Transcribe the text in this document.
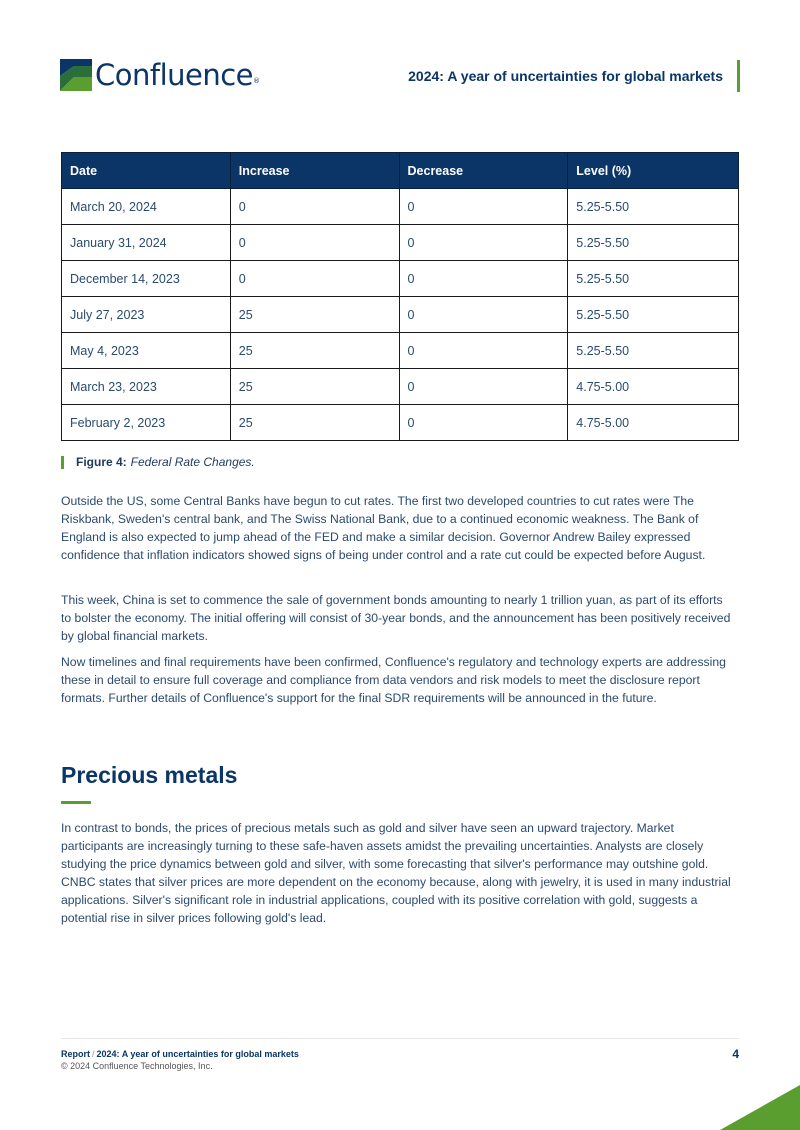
Confluence®	2024: A year of uncertainties for global markets
Date	Increase	Decrease	Level (%)
March 20, 2024	0	0	5.25-5.50
January 31, 2024	0	0	5.25-5.50
December 14, 2023	0	0	5.25-5.50
July 27, 2023	25	0	5.25-5.50
May 4, 2023	25	0	5.25-5.50
March 23, 2023	25	0	4.75-5.00
February 2, 2023	25	0	4.75-5.00
Figure 4: Federal Rate Changes.

Outside the US, some Central Banks have begun to cut rates. The first two developed countries to cut rates were The Riskbank, Sweden's central bank, and The Swiss National Bank, due to a continued economic weakness. The Bank of England is also expected to jump ahead of the FED and make a similar decision. Governor Andrew Bailey expressed confidence that inflation indicators showed signs of being under control and a rate cut could be expected before August.

This week, China is set to commence the sale of government bonds amounting to nearly 1 trillion yuan, as part of its efforts to bolster the economy. The initial offering will consist of 30-year bonds, and the announcement has been positively received by global financial markets.

Now timelines and final requirements have been confirmed, Confluence's regulatory and technology experts are addressing these in detail to ensure full coverage and compliance from data vendors and risk models to meet the disclosure report formats. Further details of Confluence's support for the final SDR requirements will be announced in the future.

Precious metals

In contrast to bonds, the prices of precious metals such as gold and silver have seen an upward trajectory. Market participants are increasingly turning to these safe-haven assets amidst the prevailing uncertainties. Analysts are closely studying the price dynamics between gold and silver, with some forecasting that silver's performance may outshine gold. CNBC states that silver prices are more dependent on the economy because, along with jewelry, it is used in many industrial applications. Silver's significant role in industrial applications, coupled with its positive correlation with gold, suggests a potential rise in silver prices following gold's lead.

Report / 2024: A year of uncertainties for global markets
© 2024 Confluence Technologies, Inc.
4
